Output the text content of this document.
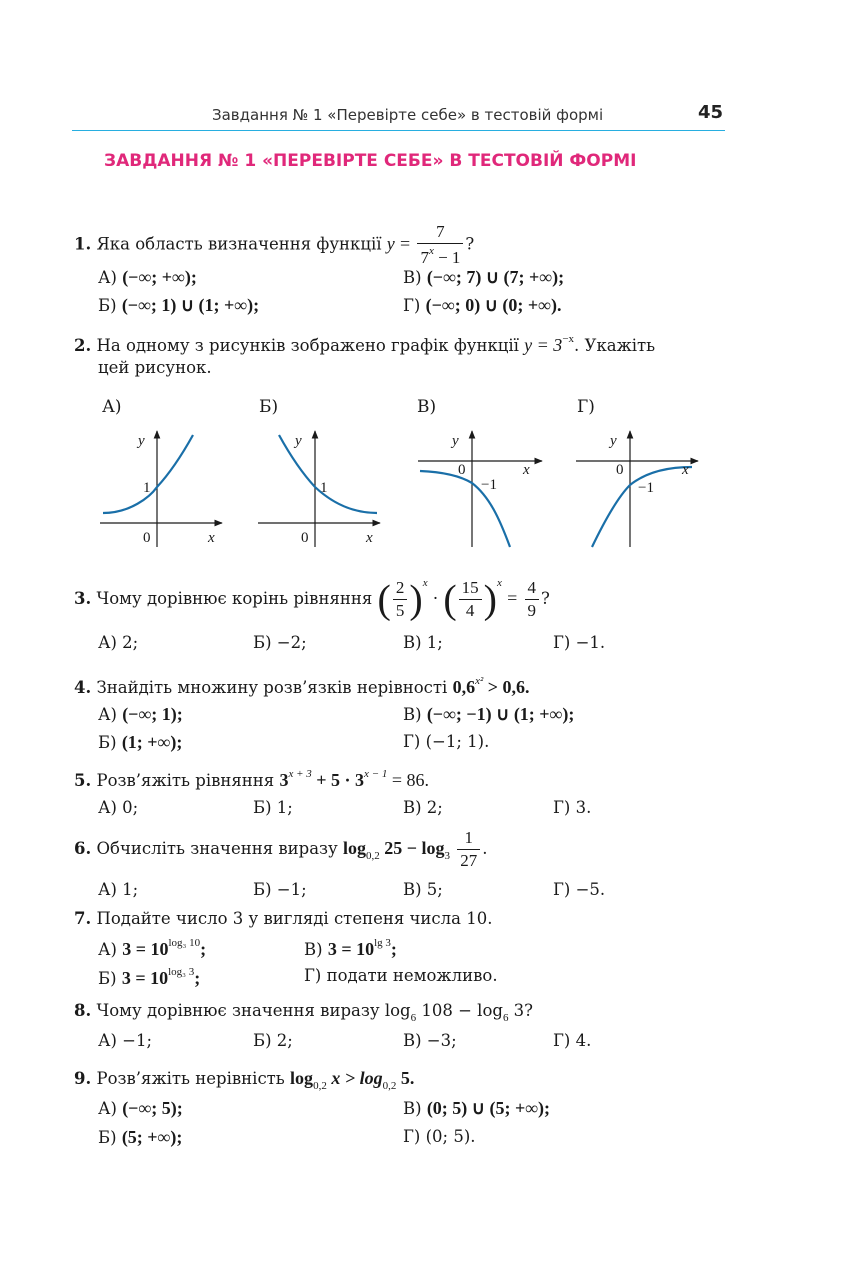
Завдання № 1 «Перевірте себе» в тестовій формі	45
ЗАВДАННЯ № 1 «ПЕРЕВІРТЕ СЕБЕ» В ТЕСТОВІЙ ФОРМІ
1. Яка область визначення функції $y = \frac{7}{7^x - 1}$ ?
А) (−∞; +∞);	В) (−∞; 7) ∪ (7; +∞);
Б) (−∞; 1) ∪ (1; +∞);	Г) (−∞; 0) ∪ (0; +∞).
2. На одному з рисунків зображено графік функції $y = 3^{-x}$. Укажіть
цей рисунок.
А)	Б)	В)	Г)
y
1
0	x
y
1
0	x
y
0
−1
x
y
0
−1
x
3. Чому дорівнює корінь рівняння ( $\frac{2}{5} )^x$ · ( $\frac{15}{4} )^x = \frac{4}{9}$ ?
А) 2;	Б) −2;	В) 1;	Г) −1.
4. Знайдіть множину розв’язків нерівності $0,6^{x^2} > 0,6$.
А) (−∞; 1);	В) (−∞; −1) ∪ (1; +∞);
Б) (1; +∞);	Г) (−1; 1).
5. Розв’яжіть рівняння $3^{x + 3} + 5 \cdot 3^{x - 1} = 86$.
А) 0;	Б) 1;	В) 2;	Г) 3.
6. Обчисліть значення виразу $\log_{0,2} 25 - \log_3 \frac{1}{27}$ .
А) 1;	Б) −1;	В) 5;	Г) −5.
7. Подайте число 3 у вигляді степеня числа 10.
А) $3 = 10^{log_3 10}$;	В) $3 = 10^{lg 3}$;
Б) $3 = 10^{log_3 3}$;	Г) подати неможливо.
8. Чому дорівнює значення виразу $\log_6 108 - \log_6 3$?
А) −1;	Б) 2;	В) −3;	Г) 4.
9. Розв’яжіть нерівність $\log_{0,2} x > \log_{0,2} 5$.
А) (−∞; 5);	В) (0; 5) ∪ (5; +∞);
Б) (5; +∞);	Г) (0; 5).
